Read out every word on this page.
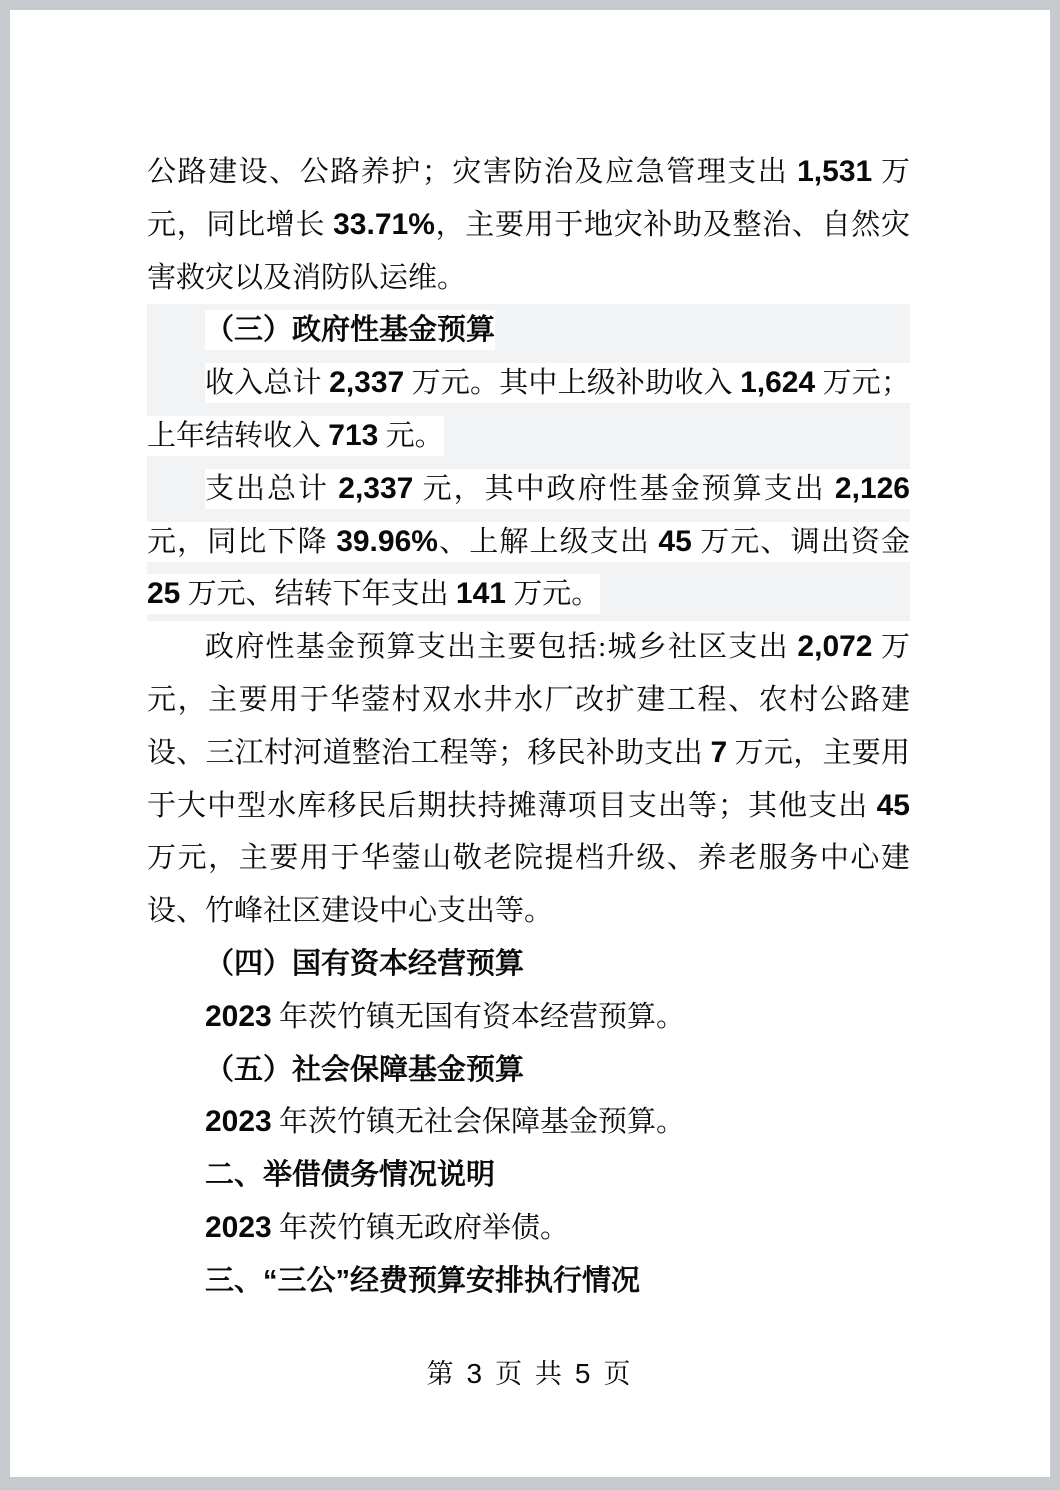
公路建设、公路养护；灾害防治及应急管理支出 1,531 万元，同比增长 33.71%，主要用于地灾补助及整治、自然灾害救灾以及消防队运维。

（三）政府性基金预算

收入总计 2,337 万元。其中上级补助收入 1,624 万元；上年结转收入 713 元。

支出总计 2,337 元，其中政府性基金预算支出 2,126 元，同比下降 39.96%、上解上级支出 45 万元、调出资金 25 万元、结转下年支出 141 万元。

政府性基金预算支出主要包括:城乡社区支出 2,072 万元，主要用于华蓥村双水井水厂改扩建工程、农村公路建设、三江村河道整治工程等；移民补助支出 7 万元，主要用于大中型水库移民后期扶持摊薄项目支出等；其他支出 45 万元，主要用于华蓥山敬老院提档升级、养老服务中心建设、竹峰社区建设中心支出等。

（四）国有资本经营预算

2023 年茨竹镇无国有资本经营预算。

（五）社会保障基金预算

2023 年茨竹镇无社会保障基金预算。

二、举借债务情况说明

2023 年茨竹镇无政府举债。

三、“三公”经费预算安排执行情况

第 3 页 共 5 页
